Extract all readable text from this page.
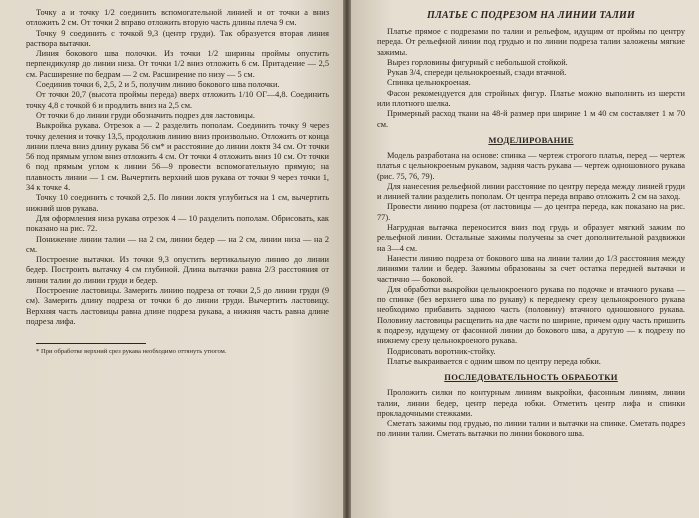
Точку a и точку 1/2 соединить вспомогательной линией и от точки а вниз отложить 2 см. От точки 2 вправо отложить вторую часть длины плеча 9 см.

Точку 9 соединить с точкой 9,3 (центр груди). Так образуется вторая линия раствора вытачки.

Линия бокового шва полочки. Из точки 1/2 ширины проймы опустить перпендикуляр до линии низа. От точки 1/2 вниз отложить 6 см. Притадение — 2,5 см. Расширение по бедрам — 2 см. Расширение по низу — 5 см.

Соединив точки 6, 2,5, 2 и 5, получим линию бокового шва полочки.

От точки 20,7 (высота проймы переда) вверх отложить 1/10 ОГ—4,8. Соединить точку 4,8 с точкой 6 и продлить вниз на 2,5 см.

От точки 6 до линии груди обозначить подрез для ластовицы.

Выкройка рукава. Отрезок а — 2 разделить пополам. Соединить точку 9 через точку деления и точку 13,5, продолжив линию вниз произвольно. Отложить от конца линии плеча вниз длину рукава 56 см* и расстояние до линии локтя 34 см. От точки 56 под прямым углом вниз отложить 4 см. От точки 4 отложить вниз 10 см. От точки 6 под прямым углом к линии 56—9 провести вспомогательную прямую; на плавность линии — 1 см. Вычертить верхний шов рукава от точки 9 через точки 1, 34 к точке 4.

Точку 10 соединить с точкой 2,5. По линии локтя углубиться на 1 см, вычертить нижний шов рукава.

Для оформления низа рукава отрезок 4 — 10 разделить пополам. Обрисовать, как показано на рис. 72.

Понижение линии талии — на 2 см, линии бедер — на 2 см, линии низа — на 2 см.

Построение вытачки. Из точки 9,3 опустить вертикальную линию до линии бедер. Построить вытачку 4 см глубиной. Длина вытачки равна 2/3 расстояния от линии талии до линии груди и бедер.

Построение ластовицы. Замерить линию подреза от точки 2,5 до линии груди (9 см). Замерить длину подреза от точки 6 до линии груди. Вычертить ластовицу. Верхняя часть ластовицы равна длине подреза рукава, а нижняя часть равна длине подреза лифа.

* При обработке верхний срез рукава необходимо оттянуть утюгом.

ПЛАТЬЕ С ПОДРЕЗОМ НА ЛИНИИ ТАЛИИ

Платье прямое с подрезами по талии и рельефом, идущим от проймы по центру переда. От рельефной линии под грудью и по линии подреза талии заложены мягкие зажимы.

Вырез горловины фигурный с небольшой стойкой.

Рукав 3/4, спереди цельнокроеный, сзади втачной.

Спинка цельнокроеная.

Фасон рекомендуется для стройных фигур. Платье можно выполнить из шерсти или плотного шелка.

Примерный расход ткани на 48-й размер при ширине 1 м 40 см составляет 1 м 70 см.

МОДЕЛИРОВАНИЕ

Модель разработана на основе: спинка — чертеж строгого платья, перед — чертеж платья с цельнокроеным рукавом, задняя часть рукава — чертеж одношовного рукава (рис. 75, 76, 79).

Для нанесения рельефной линии расстояние по центру переда между линией груди и линией талии разделить пополам. От центра переда вправо отложить 2 см на заход.

Провести линию подреза (от ластовицы — до центра переда, как показано на рис. 77).

Нагрудная вытачка переносится вниз под грудь и образует мягкий зажим по рельефной линии. Остальные зажимы получены за счет дополнительной раздвижки на 3—4 см.

Нанести линию подреза от бокового шва на линии талии до 1/3 расстояния между линиями талии и бедер. Зажимы образованы за счет остатка передней вытачки и частично — боковой.

Для обработки выкройки цельнокроеного рукава по подочке и втачного рукава — по спинке (без верхнего шва по рукаву) к переднему срезу цельнокроеного рукава необходимо прибавить заднюю часть (половину) втачного одношовного рукава. Половину ластовицы расщепить на две части по ширине, причем одну часть пришить к подрезу, идущему от фасонной линии до бокового шва, а другую — к подрезу по нижнему срезу цельнокроеного рукава.

Подрисовать воротник-стойку.

Платье выкраивается с одним швом по центру переда юбки.

ПОСЛЕДОВАТЕЛЬНОСТЬ ОБРАБОТКИ

Проложить силки по контурным линиям выкройки, фасонным линиям, линии талии, линии бедер, центр переда юбки. Отметить центр лифа и спинки прокладочными стежками.

Сметать зажимы под грудью, по линии талии и вытачки на спинке. Сметать подрез по линии талии. Сметать вытачки по линии бокового шва.
